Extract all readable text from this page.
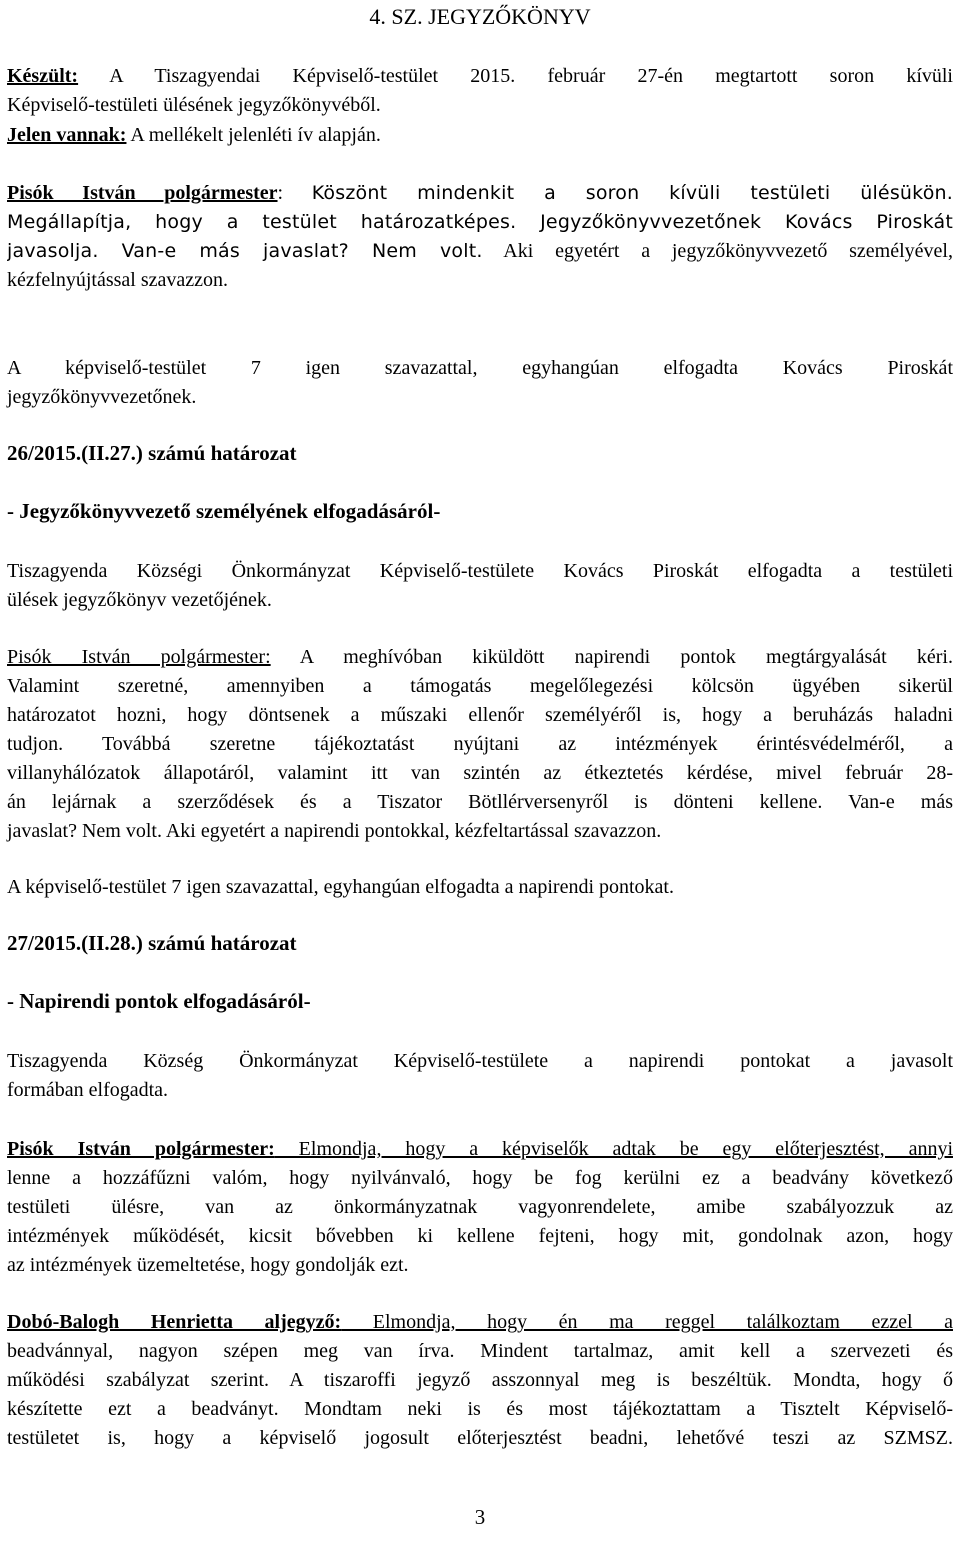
4. SZ. JEGYZŐKÖNYV
Készült: A Tiszagyendai Képviselő-testület 2015. február 27-én megtartott soron kívüli
Képviselő-testületi ülésének jegyzőkönyvéből.
Jelen vannak: A mellékelt jelenléti ív alapján.
Pisók István polgármester: Köszönt mindenkit a soron kívüli testületi ülésükön.
Megállapítja, hogy a testület határozatképes. Jegyzőkönyvvezetőnek Kovács Piroskát
javasolja. Van-e más javaslat? Nem volt. Aki egyetért a jegyzőkönyvvezető személyével,
kézfelnyújtással szavazzon.
A képviselő-testület 7 igen szavazattal, egyhangúan elfogadta Kovács Piroskát
jegyzőkönyvvezetőnek.
26/2015.(II.27.) számú határozat
- Jegyzőkönyvvezető személyének elfogadásáról-
Tiszagyenda Községi Önkormányzat Képviselő-testülete Kovács Piroskát elfogadta a testületi
ülések jegyzőkönyv vezetőjének.
Pisók István polgármester: A meghívóban kiküldött napirendi pontok megtárgyalását kéri.
Valamint szeretné, amennyiben a támogatás megelőlegezési kölcsön ügyében sikerül
határozatot hozni, hogy döntsenek a műszaki ellenőr személyéről is, hogy a beruházás haladni
tudjon. Továbbá szeretne tájékoztatást nyújtani az intézmények érintésvédelméről, a
villanyhálózatok állapotáról, valamint itt van szintén az étkeztetés kérdése, mivel február 28-
án lejárnak a szerződések és a Tiszator Bötllérversenyről is dönteni kellene. Van-e más
javaslat? Nem volt. Aki egyetért a napirendi pontokkal, kézfeltartással szavazzon.
A képviselő-testület 7 igen szavazattal, egyhangúan elfogadta a napirendi pontokat.
27/2015.(II.28.) számú határozat
- Napirendi pontok elfogadásáról-
Tiszagyenda Község Önkormányzat Képviselő-testülete a napirendi pontokat a javasolt
formában elfogadta.
Pisók István polgármester: Elmondja, hogy a képviselők adtak be egy előterjesztést, annyi
lenne a hozzáfűzni valóm, hogy nyilvánvaló, hogy be fog kerülni ez a beadvány következő
testületi ülésre, van az önkormányzatnak vagyonrendelete, amibe szabályozzuk az
intézmények működését, kicsit bővebben ki kellene fejteni, hogy mit, gondolnak azon, hogy
az intézmények üzemeltetése, hogy gondolják ezt.
Dobó-Balogh Henrietta aljegyző: Elmondja, hogy én ma reggel találkoztam ezzel a
beadvánnyal, nagyon szépen meg van írva. Mindent tartalmaz, amit kell a szervezeti és
működési szabályzat szerint. A tiszaroffi jegyző asszonnyal meg is beszéltük. Mondta, hogy ő
készítette ezt a beadványt. Mondtam neki is és most tájékoztattam a Tisztelt Képviselő-
testületet is, hogy a képviselő jogosult előterjesztést beadni, lehetővé teszi az SZMSZ.
3
